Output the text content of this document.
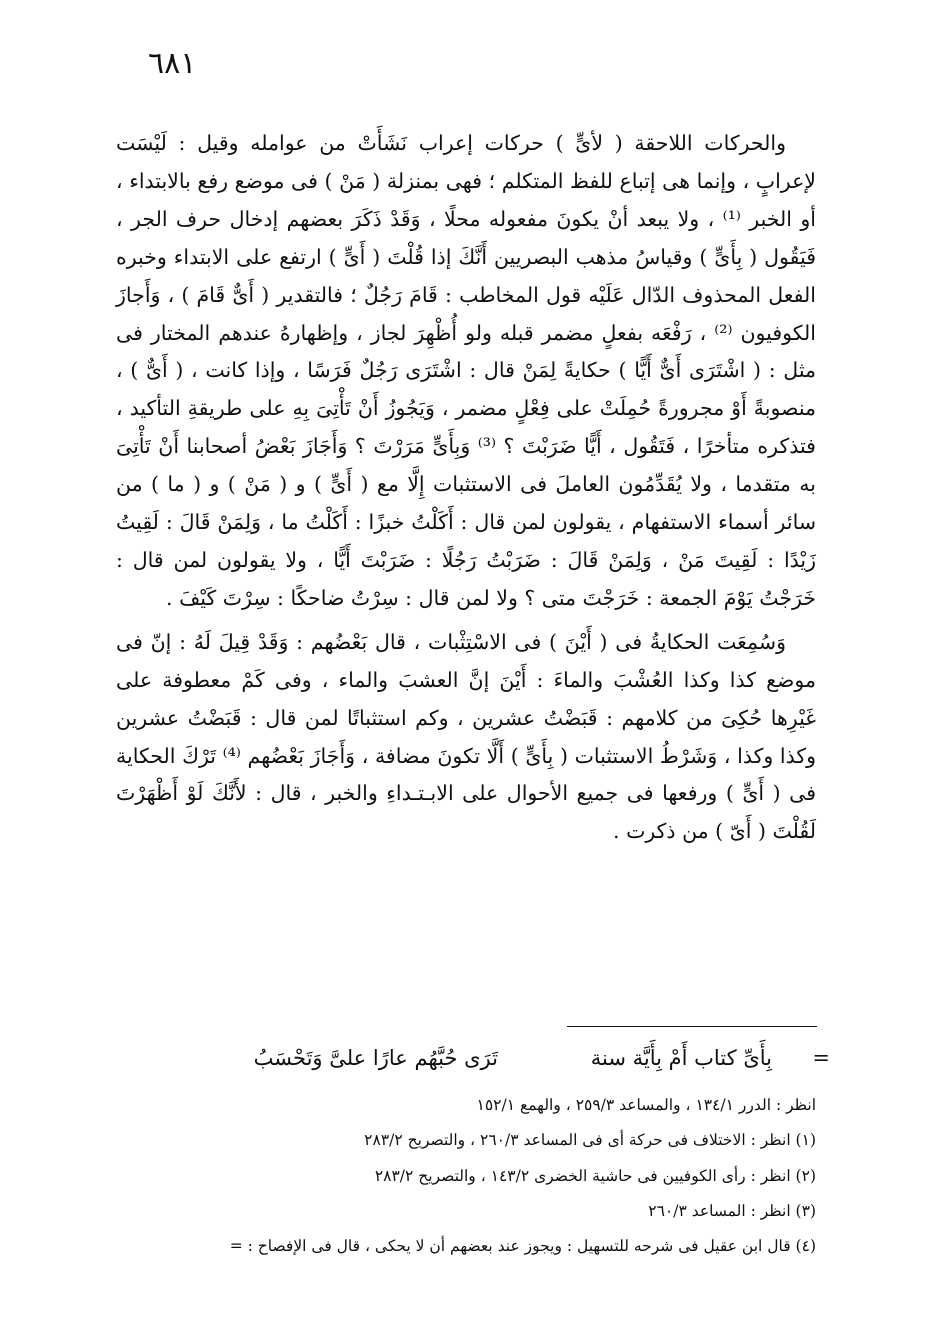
٦٨١

والحركات اللاحقة ( لأىٍّ ) حركات إعراب نَشَأَتْ من عوامله وقيل : لَيْسَت لإعرابٍ ، وإنما هى إتباع للفظ المتكلم ؛ فهى بمنزلة ( مَنْ ) فى موضع رفع بالابتداء ، أو الخبر ⁽¹⁾ ، ولا يبعد أنْ يكونَ مفعوله محلًا ، وَقَدْ ذَكَرَ بعضهم إدخال حرف الجر ، فَيَقُول ( بِأَىٍّ ) وقياسُ مذهب البصريين أَنَّكَ إذا قُلْتَ ( أَىٍّ ) ارتفع على الابتداء وخبره الفعل المحذوف الدّال عَلَيْه قول المخاطب : قَامَ رَجُلٌ ؛ فالتقدير ( أَىٌّ قَامَ ) ، وَأَجازَ الكوفيون ⁽²⁾ ، رَفْعَه بفعلٍ مضمر قبله ولو أُظْهِرَ لجاز ، وإظهارهُ عندهم المختار فى مثل : ( اشْتَرَى أَىٌّ أَيًّا ) حكايةً لِمَنْ قال : اشْتَرَى رَجُلٌ فَرَسًا ، وإذا كانت ، ( أَىٌّ ) ، منصوبةً أَوْ مجرورةً حُمِلَتْ على فِعْلٍ مضمر ، وَيَجُوزُ أَنْ تَأْتِىَ بِهِ على طريقةِ التأكيد ، فتذكره متأخرًا ، فَتَقُول ، أَيًّا ضَرَبْتَ ؟ ⁽³⁾ وَبِأَىٍّ مَرَرْتَ ؟ وَأَجَازَ بَعْضُ أصحابنا أَنْ تَأْتِىَ به متقدما ، ولا يُقَدِّمُون العاملَ فى الاستثبات إِلَّا مع ( أَىٍّ ) و ( مَنْ ) و ( ما ) من سائر أسماء الاستفهام ، يقولون لمن قال : أَكَلْتُ خبزًا : أَكَلْتُ ما ، وَلِمَنْ قَالَ : لَقِيتُ زَيْدًا : لَقِيتَ مَنْ ، وَلِمَنْ قَالَ : ضَرَبْتُ رَجُلًا : ضَرَبْتَ أَيًّا ، ولا يقولون لمن قال : خَرَجْتُ يَوْمَ الجمعة : خَرَجْتَ متى ؟ ولا لمن قال : سِرْتُ ضاحكًا : سِرْتَ كَيْفَ .

وَسُمِعَت الحكايةُ فى ( أَيْنَ ) فى الاسْتِثْبات ، قال بَعْضُهم : وَقَدْ قِيلَ لَهُ : إنّ فى موضع كذا وكذا العُشْبَ والماءَ : أَيْنَ إنَّ العشبَ والماء ، وفى كَمْ معطوفة على غَيْرِها حُكِىَ من كلامهم : قَبَضْتُ عشرين ، وكم استثباتًا لمن قال : قَبَضْتُ عشرين وكذا وكذا ، وَشَرْطُ الاستثبات ( بِأَىٍّ ) أَلَّا تكونَ مضافة ، وَأَجَازَ بَعْضُهم ⁽⁴⁾ تَرْكَ الحكاية فى ( أَىٍّ ) ورفعها فى جميع الأحوال على الابـتـداءِ والخبر ، قال : لأَنَّكَ لَوْ أَظْهَرْتَ لَقُلْتَ ( أَىّ ) من ذكرت .

=
بِأَىِّ كتاب أَمْ بِأَيَّة سنة
تَرَى حُبَّهُم عارًا علىَّ وَتَحْسَبُ
انظر : الدرر ١٣٤/١ ، والمساعد ٢٥٩/٣ ، والهمع ١٥٢/١
(١) انظر : الاختلاف فى حركة أى فى المساعد ٢٦٠/٣ ، والتصريح ٢٨٣/٢
(٢) انظر : رأى الكوفيين فى حاشية الخضرى ١٤٣/٢ ، والتصريح ٢٨٣/٢
(٣) انظر : المساعد ٢٦٠/٣
(٤) قال ابن عقيل فى شرحه للتسهيل : ويجوز عند بعضهم أن لا يحكى ، قال فى الإفصاح : =
